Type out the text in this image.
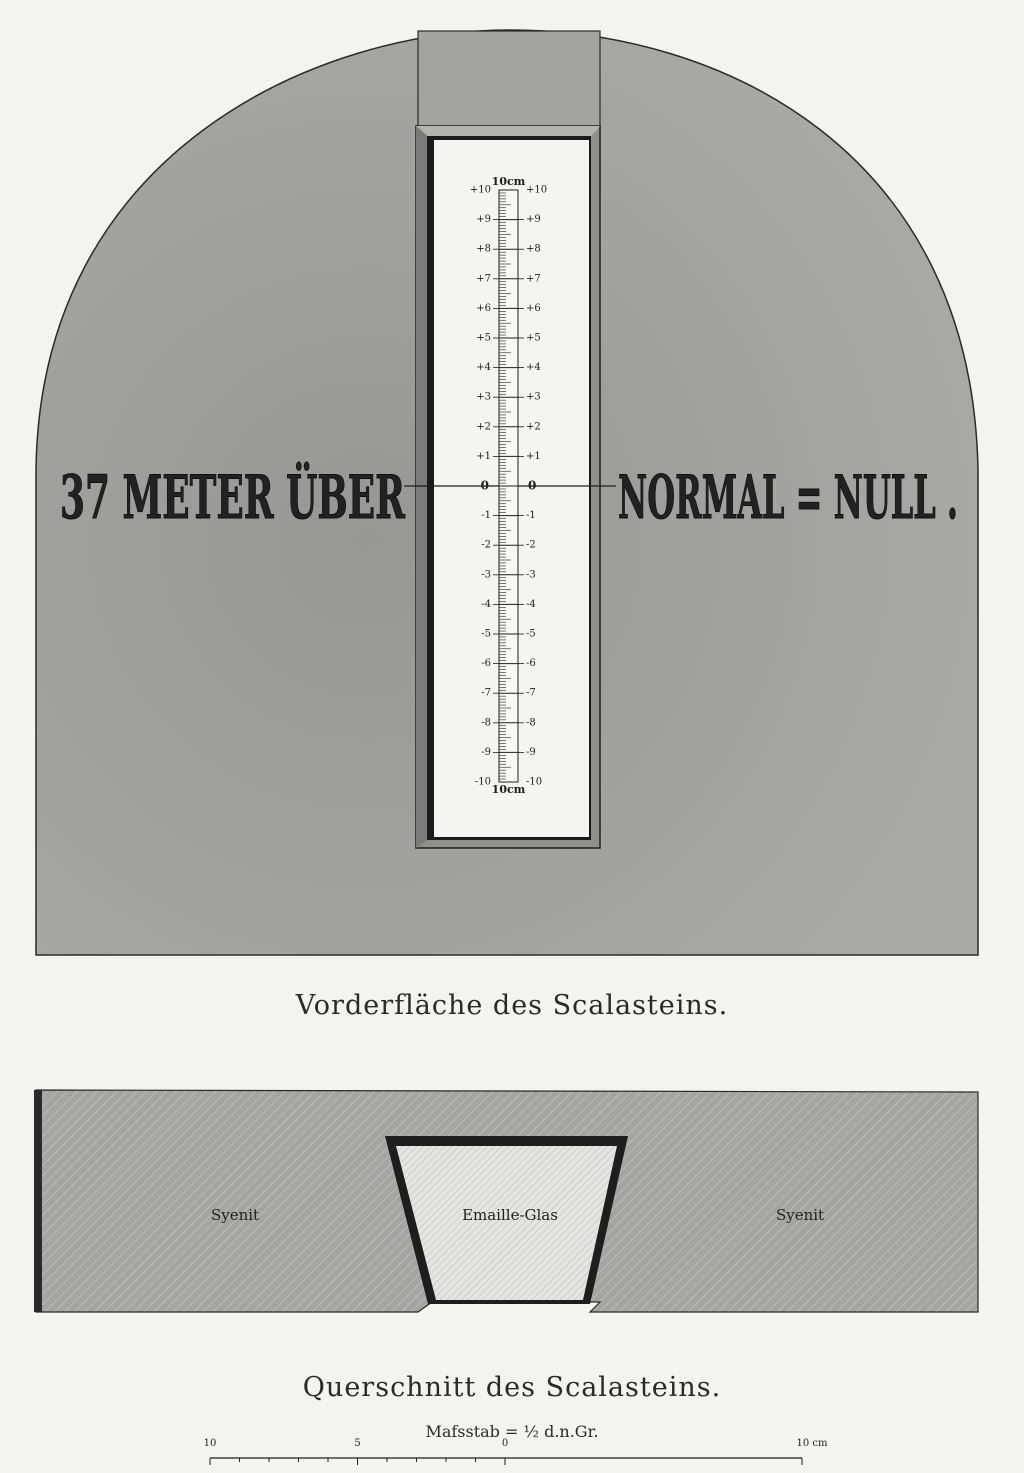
+1	+1
+2	+2
+3	+3
+4	+4
+5	+5
+6	+6
+7	+7
+8	+8
+9	+9
-1	-1
-2	-2
-3	-3
-4	-4
-5	-5
-6	-6
-7	-7
-8	-8
-9	-9
+10	+10
-10	-10
10cm
10cm
0	0
10	5	0	10 cm
37 METER	NORMAL = NULL .
Vorderfläche des Scalasteins.
Syenit	Emaille-Glas	Syenit
Querschnitt des Scalasteins.
Mafsstab = ½ d.n.Gr.
